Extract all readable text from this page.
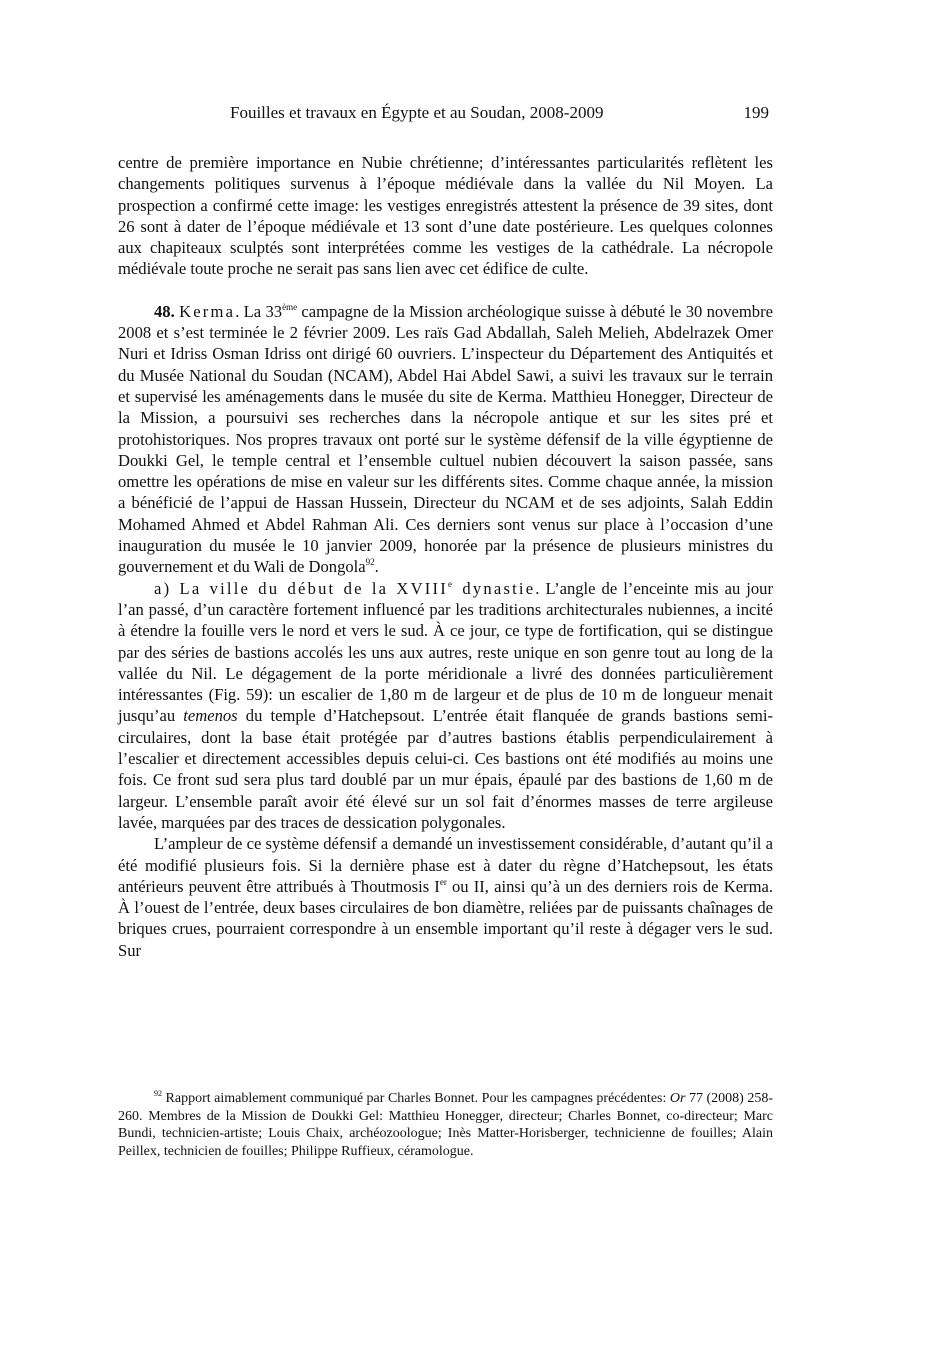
Fouilles et travaux en Égypte et au Soudan, 2008-2009	199

centre de première importance en Nubie chrétienne; d’intéressantes particularités reflètent les changements politiques survenus à l’époque médiévale dans la vallée du Nil Moyen. La prospection a confirmé cette image: les vestiges enregistrés attestent la présence de 39 sites, dont 26 sont à dater de l’époque médiévale et 13 sont d’une date postérieure. Les quelques colonnes aux chapiteaux sculptés sont interprétées comme les vestiges de la cathédrale. La nécropole médiévale toute proche ne serait pas sans lien avec cet édifice de culte.

48. Kerma. La 33ème campagne de la Mission archéologique suisse à débuté le 30 novembre 2008 et s’est terminée le 2 février 2009. Les raïs Gad Abdallah, Saleh Melieh, Abdelrazek Omer Nuri et Idriss Osman Idriss ont dirigé 60 ouvriers. L’inspecteur du Département des Antiquités et du Musée National du Soudan (NCAM), Abdel Hai Abdel Sawi, a suivi les travaux sur le terrain et supervisé les aménagements dans le musée du site de Kerma. Matthieu Honegger, Directeur de la Mission, a poursuivi ses recherches dans la nécropole antique et sur les sites pré et protohistoriques. Nos propres travaux ont porté sur le système défensif de la ville égyptienne de Doukki Gel, le temple central et l’ensemble cultuel nubien découvert la saison passée, sans omettre les opérations de mise en valeur sur les différents sites. Comme chaque année, la mission a bénéficié de l’appui de Hassan Hussein, Directeur du NCAM et de ses adjoints, Salah Eddin Mohamed Ahmed et Abdel Rahman Ali. Ces derniers sont venus sur place à l’occasion d’une inauguration du musée le 10 janvier 2009, honorée par la présence de plusieurs ministres du gouvernement et du Wali de Dongola$^{92}$.

a) La ville du début de la XVIIIe dynastie. L’angle de l’enceinte mis au jour l’an passé, d’un caractère fortement influencé par les traditions architecturales nubiennes, a incité à étendre la fouille vers le nord et vers le sud. À ce jour, ce type de fortification, qui se distingue par des séries de bastions accolés les uns aux autres, reste unique en son genre tout au long de la vallée du Nil. Le dégagement de la porte méridionale a livré des données particulièrement intéressantes (Fig. 59): un escalier de 1,80 m de largeur et de plus de 10 m de longueur menait jusqu’au temenos du temple d’Hatchepsout. L’entrée était flanquée de grands bastions semi-circulaires, dont la base était protégée par d’autres bastions établis perpendiculairement à l’escalier et directement accessibles depuis celui-ci. Ces bastions ont été modifiés au moins une fois. Ce front sud sera plus tard doublé par un mur épais, épaulé par des bastions de 1,60 m de largeur. L’ensemble paraît avoir été élevé sur un sol fait d’énormes masses de terre argileuse lavée, marquées par des traces de dessication polygonales.

L’ampleur de ce système défensif a demandé un investissement considérable, d’autant qu’il a été modifié plusieurs fois. Si la dernière phase est à dater du règne d’Hatchepsout, les états antérieurs peuvent être attribués à Thoutmosis Ier ou II, ainsi qu’à un des derniers rois de Kerma. À l’ouest de l’entrée, deux bases circulaires de bon diamètre, reliées par de puissants chaînages de briques crues, pourraient correspondre à un ensemble important qu’il reste à dégager vers le sud. Sur

$^{92}$ Rapport aimablement communiqué par Charles Bonnet. Pour les campagnes précédentes: Or 77 (2008) 258-260. Membres de la Mission de Doukki Gel: Matthieu Honegger, directeur; Charles Bonnet, co-directeur; Marc Bundi, technicien-artiste; Louis Chaix, archéozoologue; Inès Matter-Horisberger, technicienne de fouilles; Alain Peillex, technicien de fouilles; Philippe Ruffieux, céramologue.
